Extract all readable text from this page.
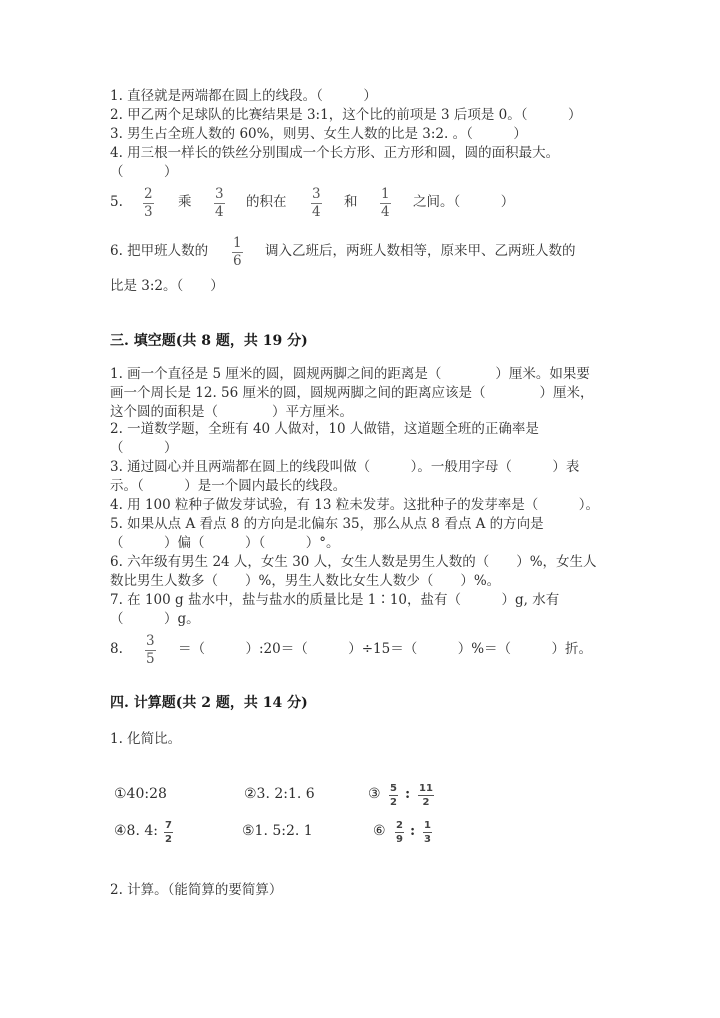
1. 直径就是两端都在圆上的线段。（　　　）
2. 甲乙两个足球队的比赛结果是 3:1，这个比的前项是 3 后项是 0。（　　　）
3. 男生占全班人数的 60%，则男、女生人数的比是 3:2. 。（　　　）
4. 用三根一样长的铁丝分别围成一个长方形、正方形和圆，圆的面积最大。
（　　　）
5. 2
3
乘 3
4
的积在 3
4
和 1
4
之间。（　　　）
6. 把甲班人数的 1
6
调入乙班后，两班人数相等，原来甲、乙两班人数的
比是 3:2。（　　）
三. 填空题(共 8 题，共 19 分)
1. 画一个直径是 5 厘米的圆，圆规两脚之间的距离是（　　　　）厘米。如果要
画一个周长是 12. 56 厘米的圆，圆规两脚之间的距离应该是（　　　　）厘米，
这个圆的面积是（　　　　）平方厘米。
2. 一道数学题，全班有 40 人做对，10 人做错，这道题全班的正确率是
（　　　）
3. 通过圆心并且两端都在圆上的线段叫做（　　　）。一般用字母（　　　）表
示。（　　　）是一个圆内最长的线段。
4. 用 100 粒种子做发芽试验，有 13 粒未发芽。这批种子的发芽率是（　　　）。
5. 如果从点 A 看点 8 的方向是北偏东 35，那么从点 8 看点 A 的方向是
（　　　）偏（　　　）（　　　）°。
6. 六年级有男生 24 人，女生 30 人，女生人数是男生人数的（　　）%，女生人
数比男生人数多（　　）%，男生人数比女生人数少（　　）%。
7. 在 100 g 盐水中，盐与盐水的质量比是 1∶10，盐有（　　　）g, 水有
（　　　）g。
8. 3
5
＝（　　　）:20＝（　　　）÷15＝（　　　）%＝（　　　）折。
四. 计算题(共 2 题，共 14 分)
1. 化简比。
①40:28	②3. 2:1. 6	③ 5
2
: 11
2
④8. 4: 7
2
⑤1. 5:2. 1	⑥ 2
9
: 1
3
2. 计算。（能简算的要简算）
